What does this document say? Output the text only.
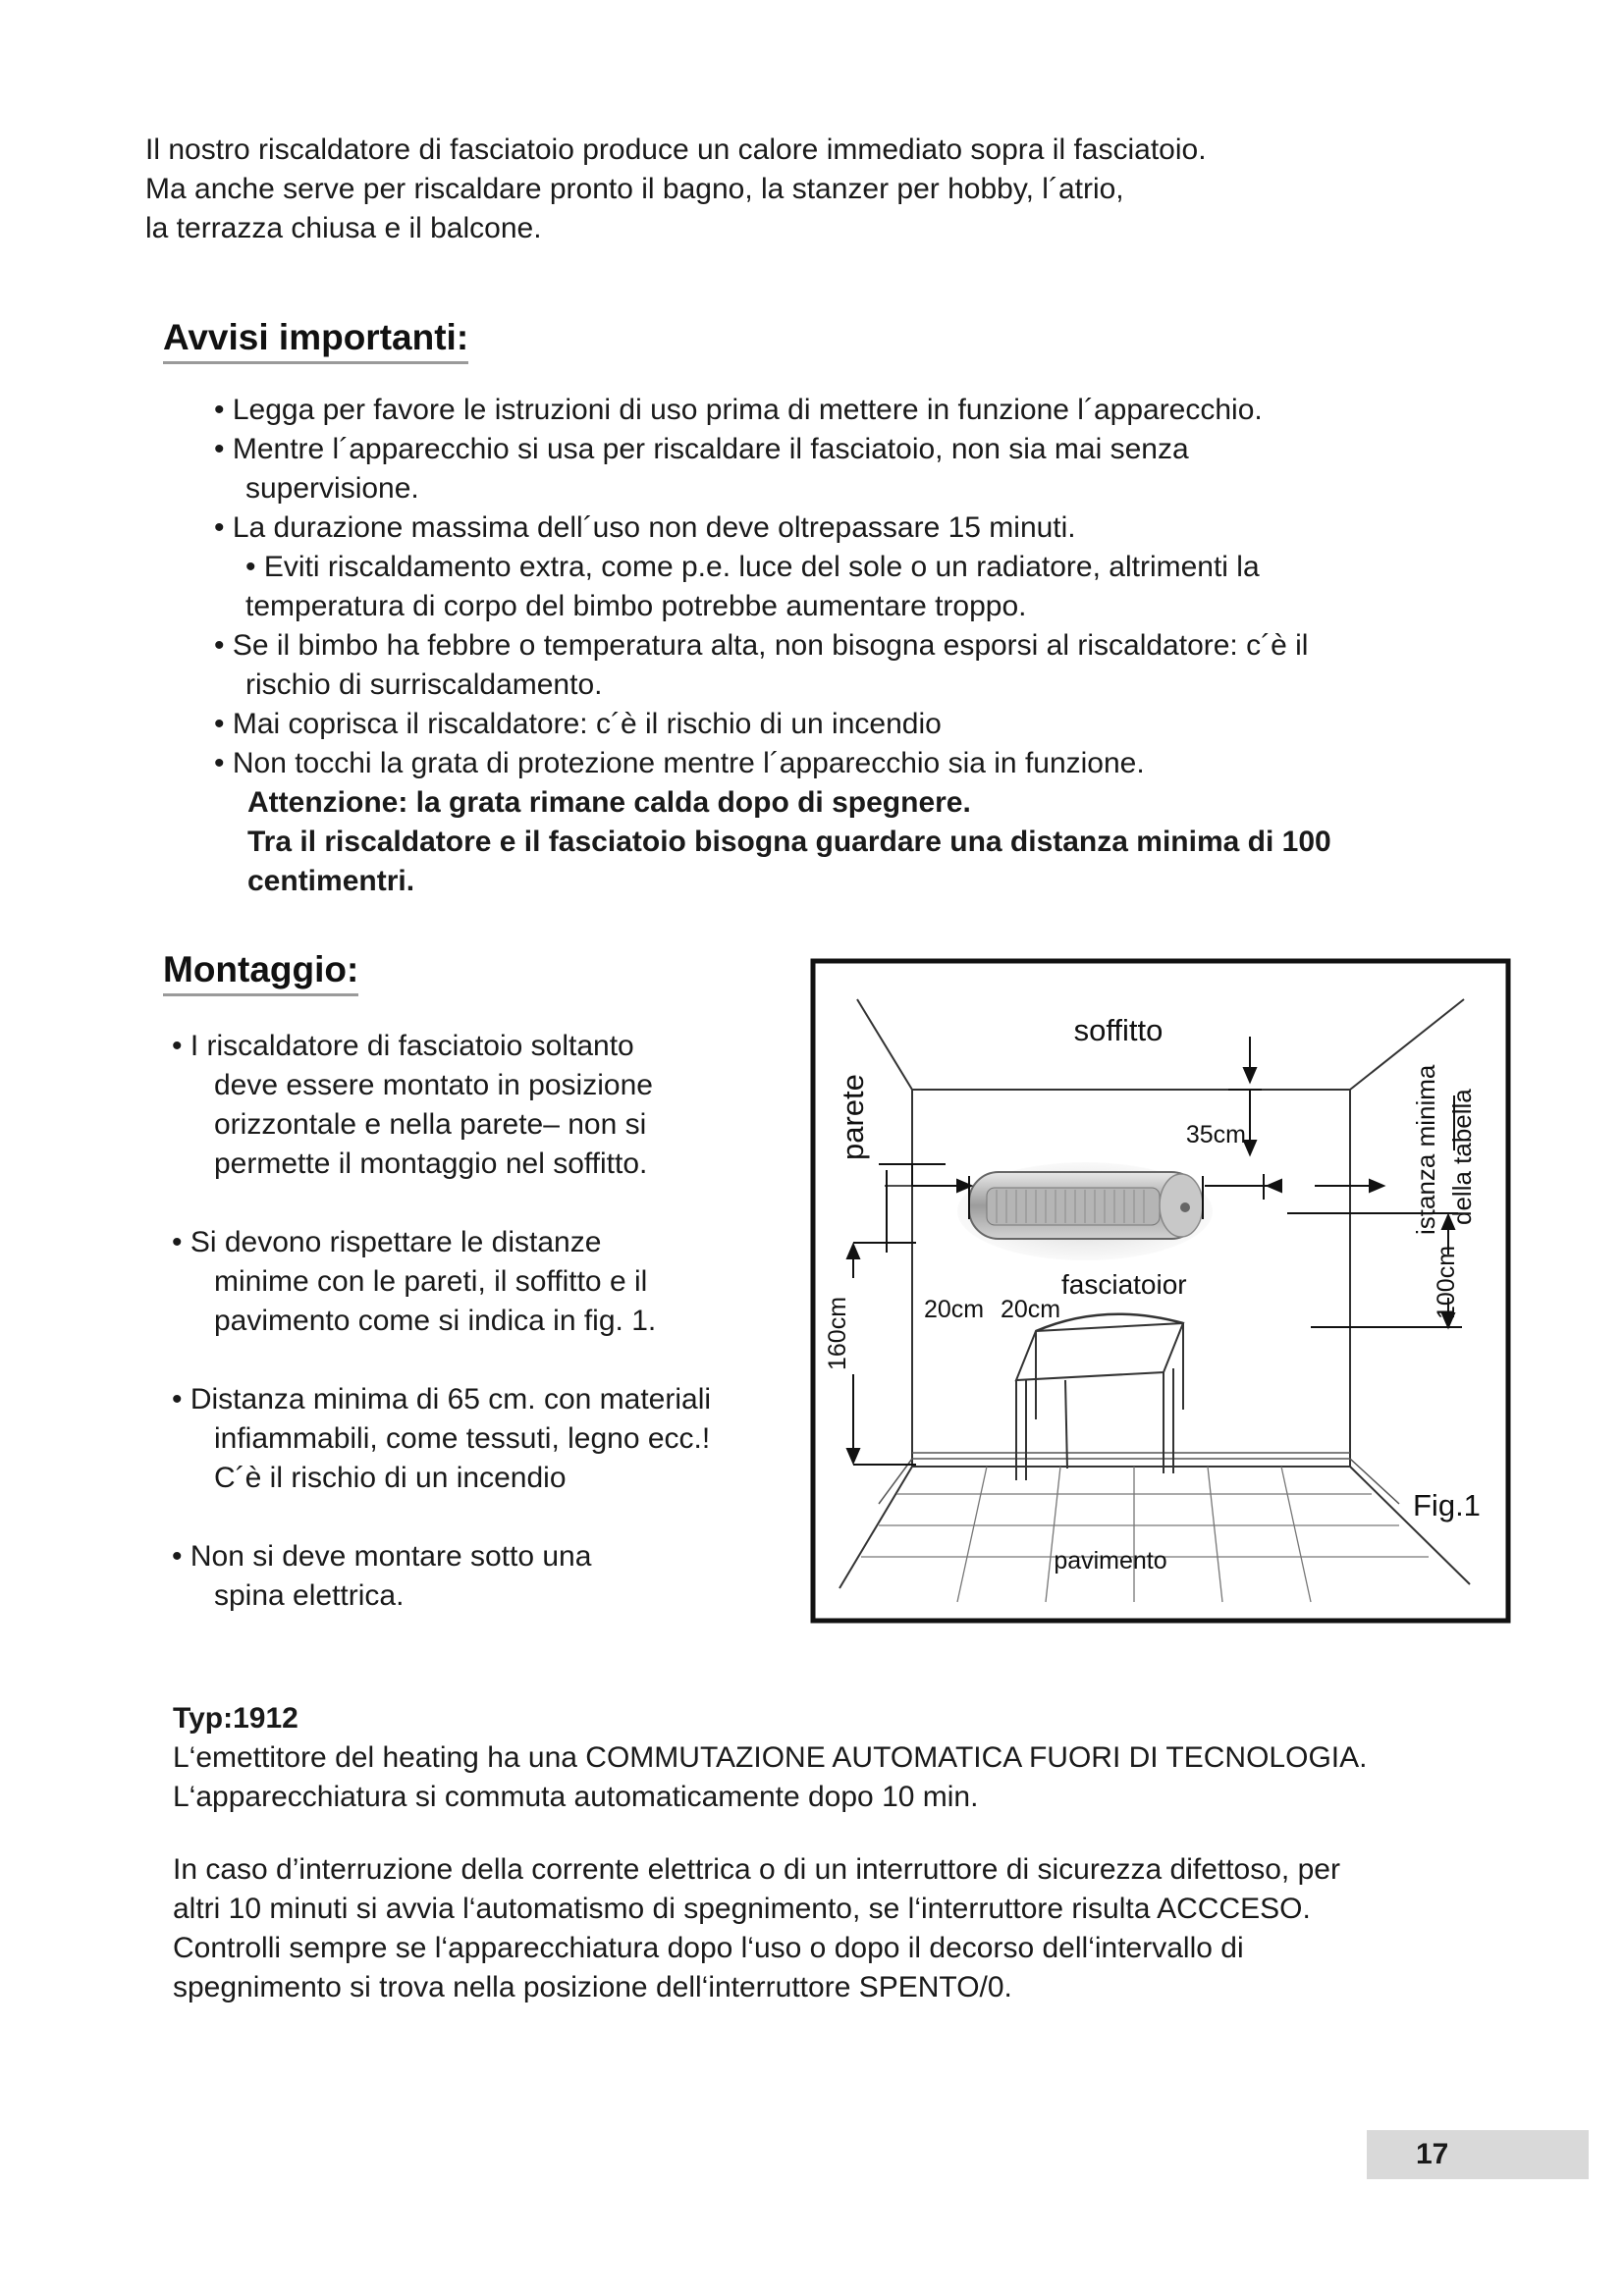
Il nostro riscaldatore di fasciatoio produce un calore immediato sopra il fasciatoio.
Ma anche serve per riscaldare pronto il bagno, la stanzer per hobby, l´atrio,
la terrazza chiusa e il balcone.
Avvisi importanti:
• Legga per favore le istruzioni di uso prima di mettere in funzione l´apparecchio.
• Mentre l´apparecchio si usa per riscaldare il fasciatoio, non sia mai senza
supervisione.
• La durazione massima dell´uso non deve oltrepassare 15 minuti.
• Eviti riscaldamento extra, come p.e. luce del sole o un radiatore, altrimenti la
temperatura di corpo del bimbo potrebbe aumentare troppo.
• Se il bimbo ha febbre o temperatura alta, non bisogna esporsi al riscaldatore: c´è il
rischio di surriscaldamento.
• Mai coprisca il riscaldatore: c´è il rischio di un incendio
• Non tocchi la grata di protezione mentre l´apparecchio sia in funzione.
Attenzione: la grata rimane calda dopo di spegnere.
Tra il riscaldatore e il fasciatoio bisogna guardare una distanza minima di 100
centimentri.
Montaggio:
• I riscaldatore di fasciatoio soltanto
deve essere montato in posizione
orizzontale e nella parete– non si
permette il montaggio nel soffitto.
• Si devono rispettare le distanze
minime con le pareti, il soffitto e il
pavimento come si indica in fig. 1.
• Distanza minima di 65 cm. con materiali
infiammabili, come tessuti, legno ecc.!
C´è il rischio di un incendio
• Non si deve montare sotto una
spina elettrica.
soffitto
parete	35cm
20cm 20cm
fasciatoior
160cm
100cm
istanza minima della tabella
pavimento
Fig.1
Typ:1912

L‘emettitore del heating ha una COMMUTAZIONE AUTOMATICA FUORI DI TECNOLOGIA.
L‘apparecchiatura si commuta automaticamente dopo 10 min.

In caso d’interruzione della corrente elettrica o di un interruttore di sicurezza difettoso, per
altri 10 minuti si avvia l‘automatismo di spegnimento, se l‘interruttore risulta ACCCESO.
Controlli sempre se l‘apparecchiatura dopo l‘uso o dopo il decorso dell‘intervallo di
spegnimento si trova nella posizione dell‘interruttore SPENTO/0.

17
